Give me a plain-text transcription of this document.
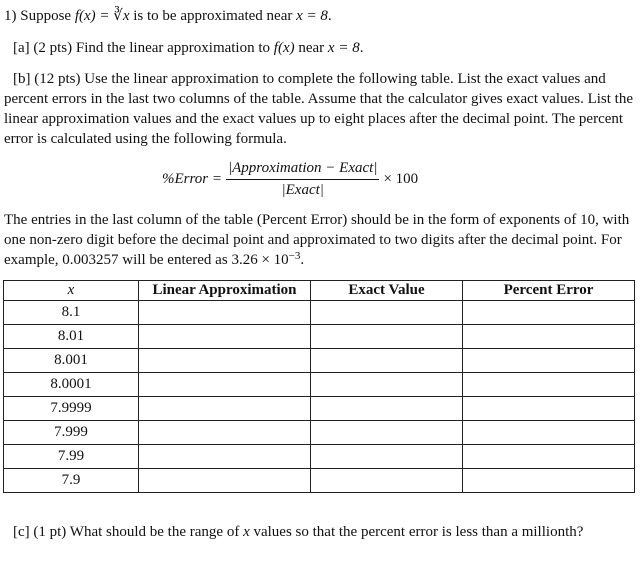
1) Suppose f(x) = ∛x is to be approximated near x = 8.

[a] (2 pts) Find the linear approximation to f(x) near x = 8.

[b] (12 pts) Use the linear approximation to complete the following table. List the exact values and percent errors in the last two columns of the table. Assume that the calculator gives exact values. List the linear approximation values and the exact values up to eight places after the decimal point. The percent error is calculated using the following formula.

%Error = $\frac{\text{|Approximation − Exact|}}{\text{|Exact|}} \times 100$

The entries in the last column of the table (Percent Error) should be in the form of exponents of 10, with one non-zero digit before the decimal point and approximated to two digits after the decimal point. For example, 0.003257 will be entered as $3.26 \times 10^{-3}$.

x	Linear Approximation	Exact Value	Percent Error
8.1			
8.01			
8.001			
8.0001			
7.9999			
7.999			
7.99			
7.9			

[c] (1 pt) What should be the range of x values so that the percent error is less than a millionth?
